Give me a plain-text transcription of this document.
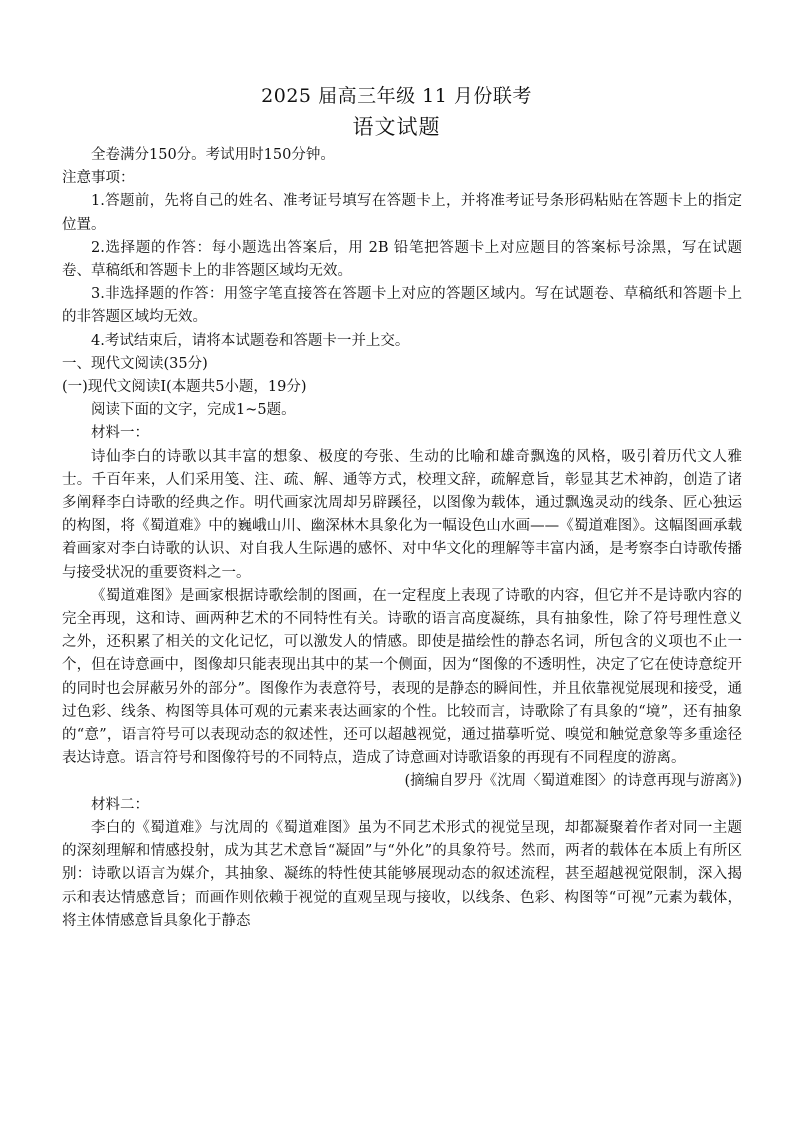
2025 届高三年级 11 月份联考
语文试题

全卷满分150分。考试用时150分钟。

注意事项：

1.答题前，先将自己的姓名、准考证号填写在答题卡上，并将准考证号条形码粘贴在答题卡上的指定位置。

2.选择题的作答：每小题选出答案后，用 2B 铅笔把答题卡上对应题目的答案标号涂黑，写在试题卷、草稿纸和答题卡上的非答题区域均无效。

3.非选择题的作答：用签字笔直接答在答题卡上对应的答题区域内。写在试题卷、草稿纸和答题卡上的非答题区域均无效。

4.考试结束后，请将本试题卷和答题卡一并上交。

一、现代文阅读(35分)

(一)现代文阅读Ⅰ(本题共5小题，19分)

阅读下面的文字，完成1~5题。

材料一：

诗仙李白的诗歌以其丰富的想象、极度的夸张、生动的比喻和雄奇飘逸的风格，吸引着历代文人雅士。千百年来，人们采用笺、注、疏、解、通等方式，校理文辞，疏解意旨，彰显其艺术神韵，创造了诸多阐释李白诗歌的经典之作。明代画家沈周却另辟蹊径，以图像为载体，通过飘逸灵动的线条、匠心独运的构图，将《蜀道难》中的巍峨山川、幽深林木具象化为一幅设色山水画——《蜀道难图》。这幅图画承载着画家对李白诗歌的认识、对自我人生际遇的感怀、对中华文化的理解等丰富内涵，是考察李白诗歌传播与接受状况的重要资料之一。

《蜀道难图》是画家根据诗歌绘制的图画，在一定程度上表现了诗歌的内容，但它并不是诗歌内容的完全再现，这和诗、画两种艺术的不同特性有关。诗歌的语言高度凝练，具有抽象性，除了符号理性意义之外，还积累了相关的文化记忆，可以激发人的情感。即使是描绘性的静态名词，所包含的义项也不止一个，但在诗意画中，图像却只能表现出其中的某一个侧面，因为“图像的不透明性，决定了它在使诗意绽开的同时也会屏蔽另外的部分”。图像作为表意符号，表现的是静态的瞬间性，并且依靠视觉展现和接受，通过色彩、线条、构图等具体可观的元素来表达画家的个性。比较而言，诗歌除了有具象的“境”，还有抽象的“意”，语言符号可以表现动态的叙述性，还可以超越视觉，通过描摹听觉、嗅觉和触觉意象等多重途径表达诗意。语言符号和图像符号的不同特点，造成了诗意画对诗歌语象的再现有不同程度的游离。

(摘编自罗丹《沈周〈蜀道难图〉的诗意再现与游离》)

材料二：

李白的《蜀道难》与沈周的《蜀道难图》虽为不同艺术形式的视觉呈现，却都凝聚着作者对同一主题的深刻理解和情感投射，成为其艺术意旨“凝固”与“外化”的具象符号。然而，两者的载体在本质上有所区别：诗歌以语言为媒介，其抽象、凝练的特性使其能够展现动态的叙述流程，甚至超越视觉限制，深入揭示和表达情感意旨；而画作则依赖于视觉的直观呈现与接收，以线条、色彩、构图等“可视”元素为载体，将主体情感意旨具象化于静态
